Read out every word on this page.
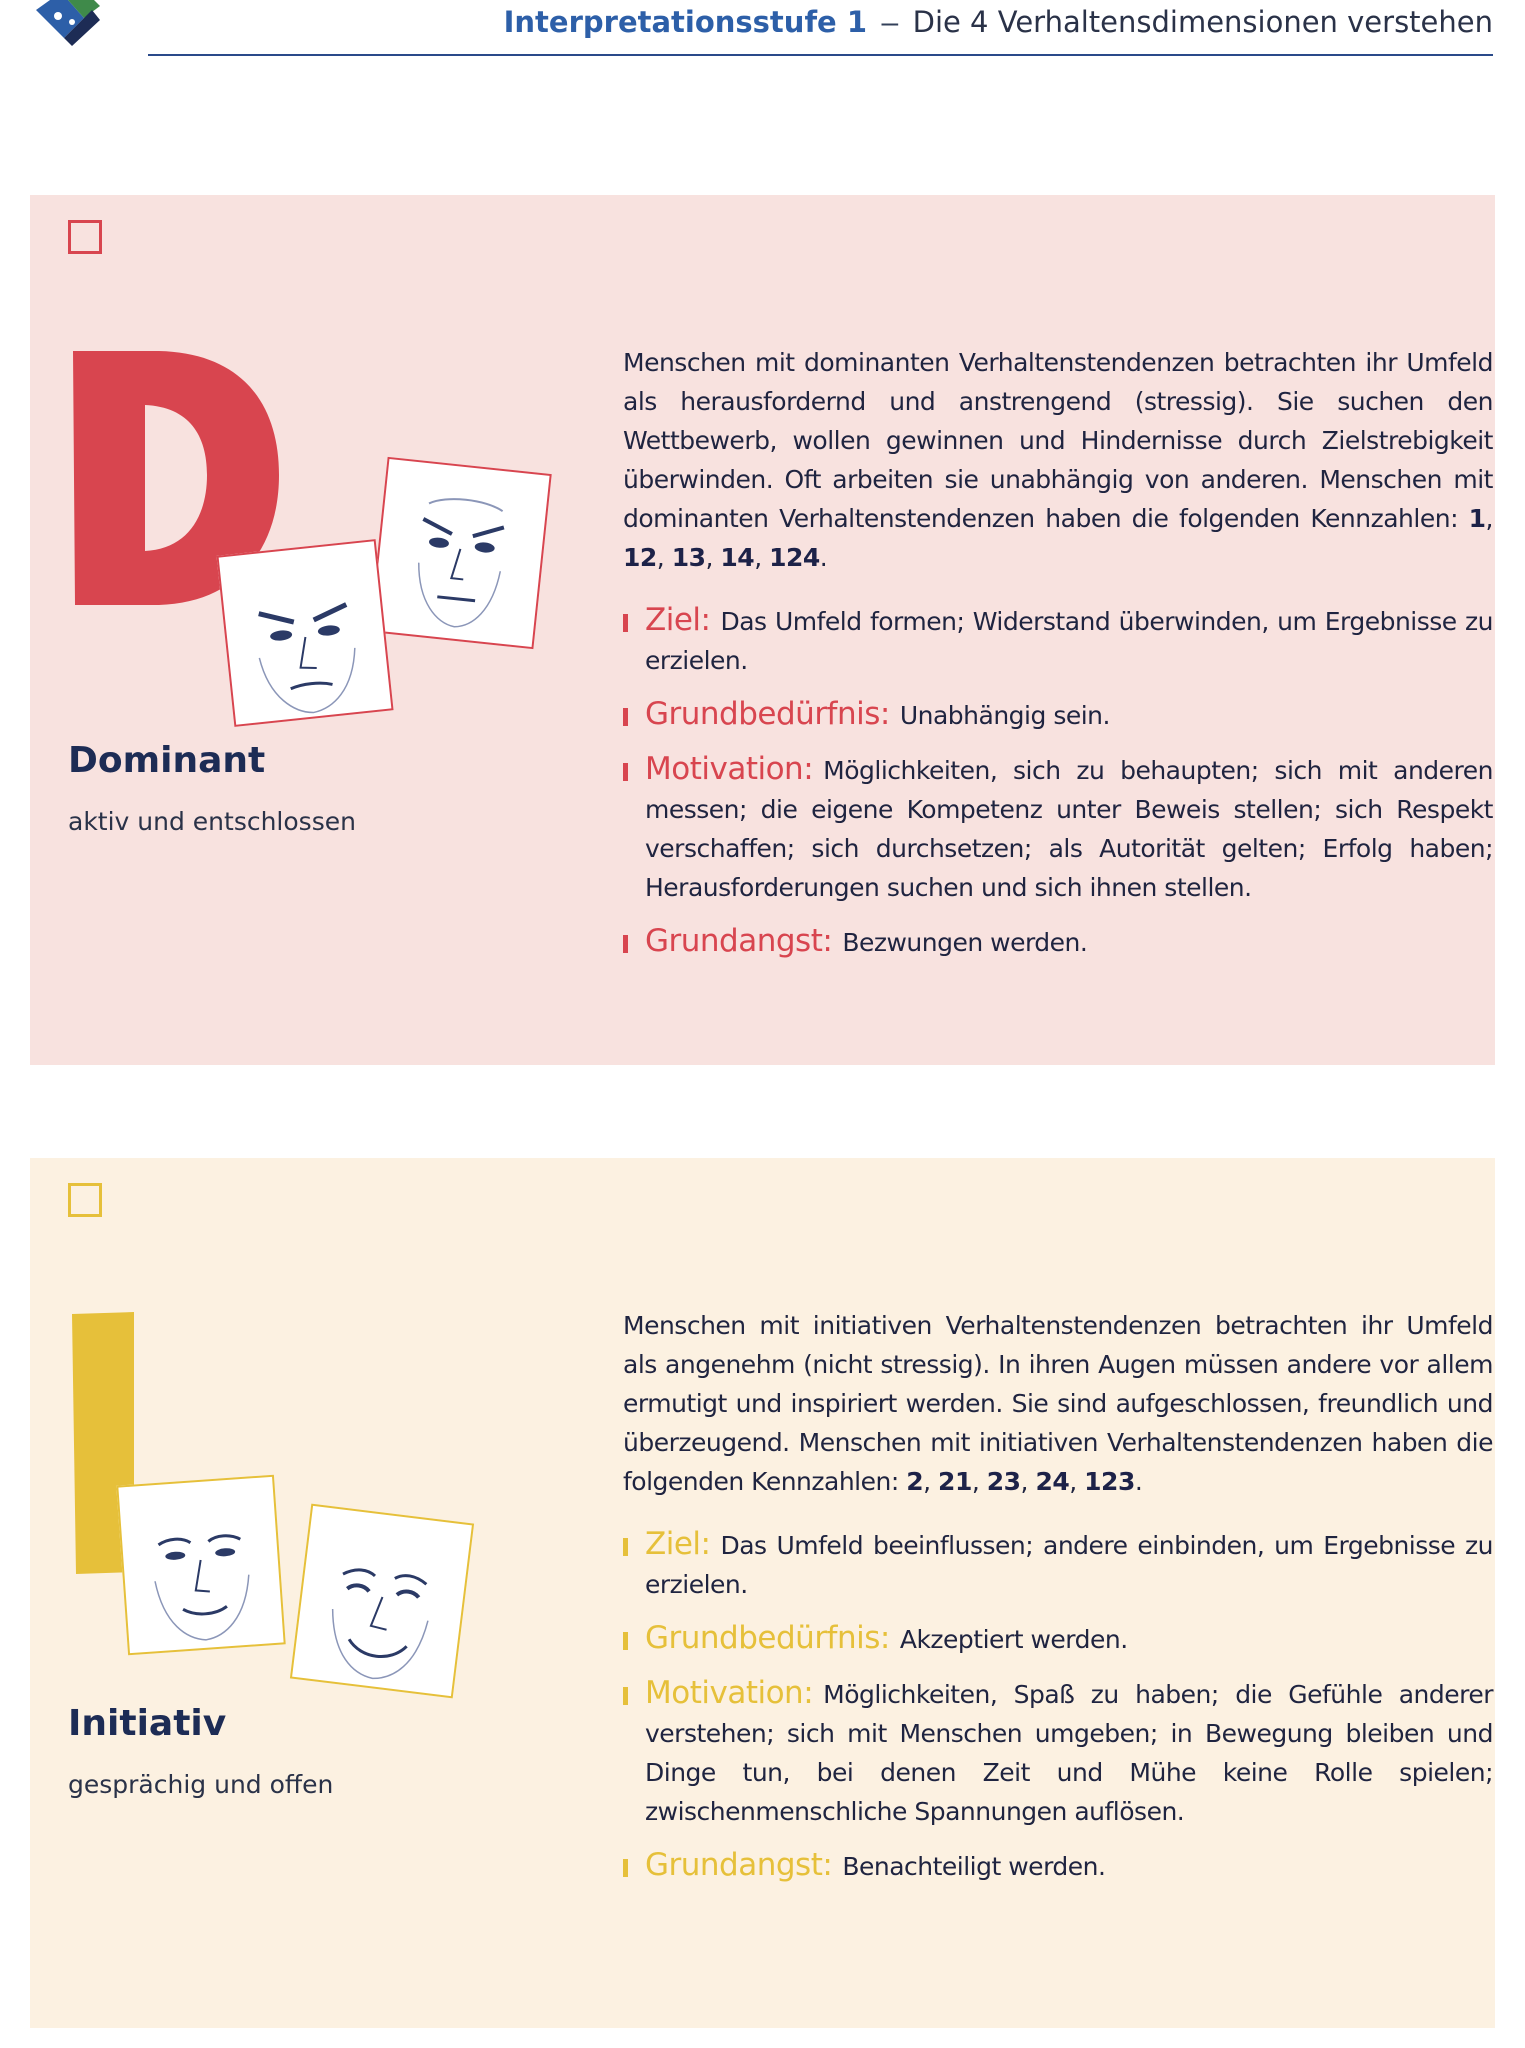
Interpretationsstufe 1 – Die 4 Verhaltensdimensionen verstehen
Dominant
aktiv und entschlossen

Menschen mit dominanten Verhaltenstendenzen betrachten ihr Umfeld als herausfordernd und anstrengend (stressig). Sie suchen den Wettbewerb, wollen gewinnen und Hindernisse durch Zielstrebigkeit überwinden. Oft arbeiten sie unabhängig von anderen. Menschen mit dominanten Verhaltenstendenzen haben die folgenden Kennzahlen: 1, 12, 13, 14, 124.

Ziel: Das Umfeld formen; Widerstand überwinden, um Ergebnisse zu erzielen.
Grundbedürfnis: Unabhängig sein.
Motivation: Möglichkeiten, sich zu behaupten; sich mit anderen messen; die eigene Kompetenz unter Beweis stellen; sich Respekt verschaffen; sich durchsetzen; als Autorität gelten; Erfolg haben; Herausforderungen suchen und sich ihnen stellen.
Grundangst: Bezwungen werden.
Initiativ
gesprächig und offen

Menschen mit initiativen Verhaltenstendenzen betrachten ihr Umfeld als angenehm (nicht stressig). In ihren Augen müssen andere vor allem ermutigt und inspiriert werden. Sie sind aufgeschlossen, freundlich und überzeugend. Menschen mit initiativen Verhaltenstendenzen haben die folgenden Kennzahlen: 2, 21, 23, 24, 123.

Ziel: Das Umfeld beeinflussen; andere einbinden, um Ergebnisse zu erzielen.
Grundbedürfnis: Akzeptiert werden.
Motivation: Möglichkeiten, Spaß zu haben; die Gefühle anderer verstehen; sich mit Menschen umgeben; in Bewegung bleiben und Dinge tun, bei denen Zeit und Mühe keine Rolle spielen; zwischenmenschliche Spannungen auflösen.
Grundangst: Benachteiligt werden.
